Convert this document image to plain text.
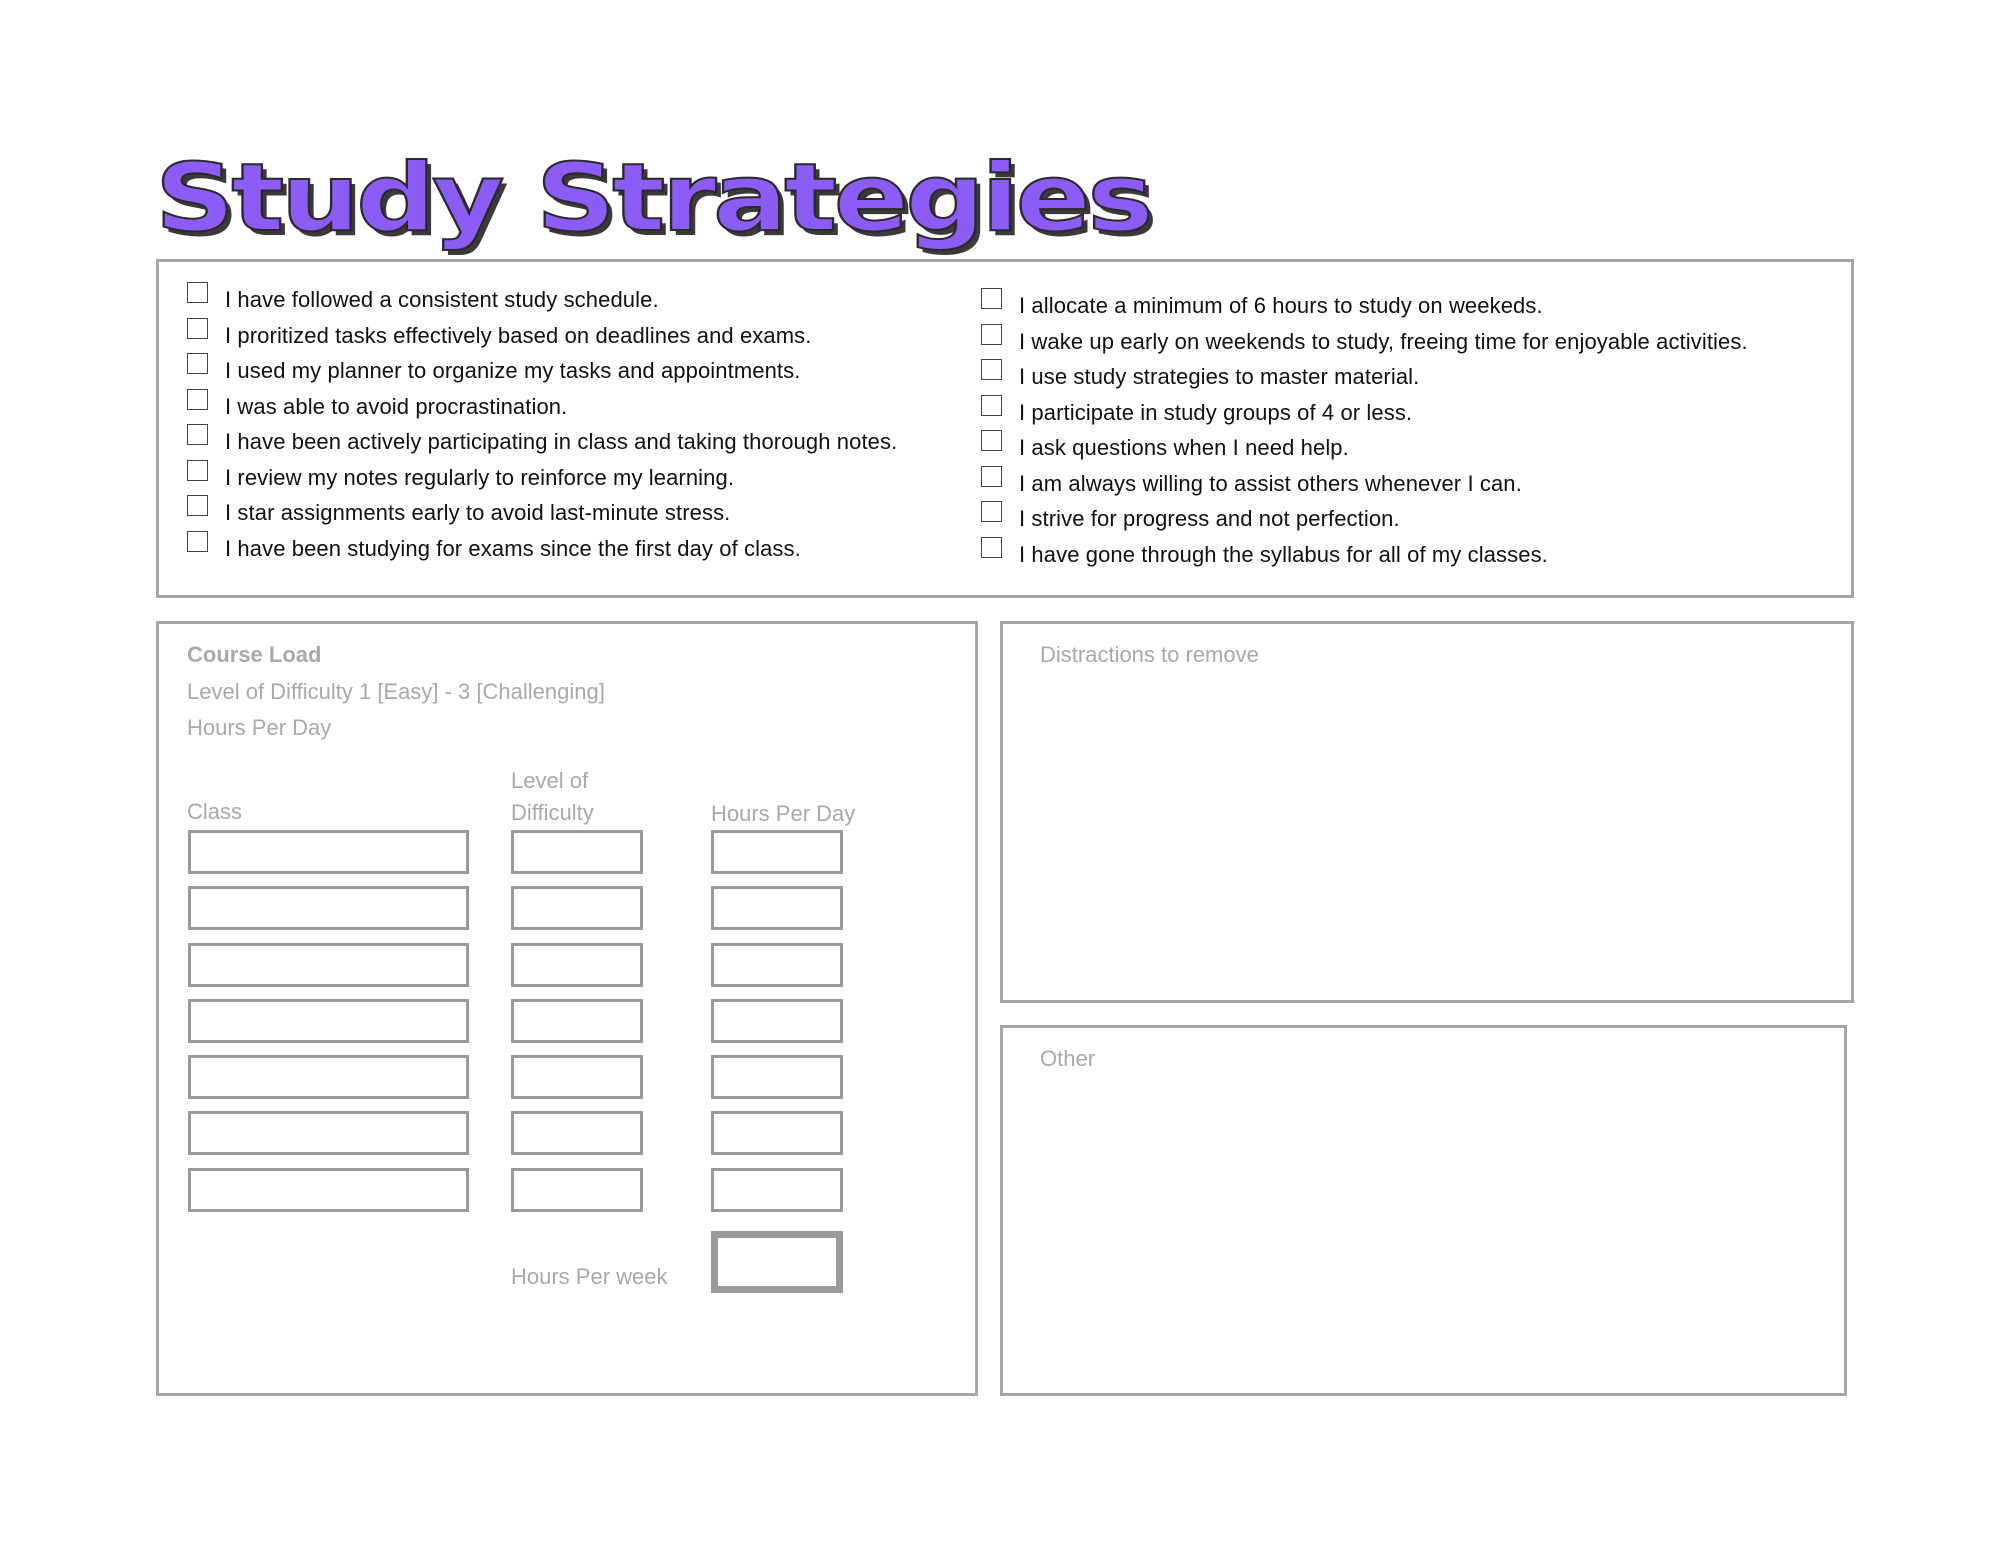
Study Strategies
I have followed a consistent study schedule.
I proritized tasks effectively based on deadlines and exams.
I used my planner to organize my tasks and appointments.
I was able to avoid procrastination.
I have been actively participating in class and taking thorough notes.
I review my notes regularly to reinforce my learning.
I star assignments early to avoid last-minute stress.
I have been studying for exams since the first day of class.
I allocate a minimum of 6 hours to study on weekeds.
I wake up early on weekends to study, freeing time for enjoyable activities.
I use study strategies to master material.
I participate in study groups of 4 or less.
I ask questions when I need help.
I am always willing to assist others whenever I can.
I strive for progress and not perfection.
I have gone through the syllabus for all of my classes.
Course Load
Level of Difficulty 1 [Easy] - 3 [Challenging]
Hours Per Day
Class
Level of Difficulty	Hours Per Day
Hours Per week
Distractions to remove
Other
